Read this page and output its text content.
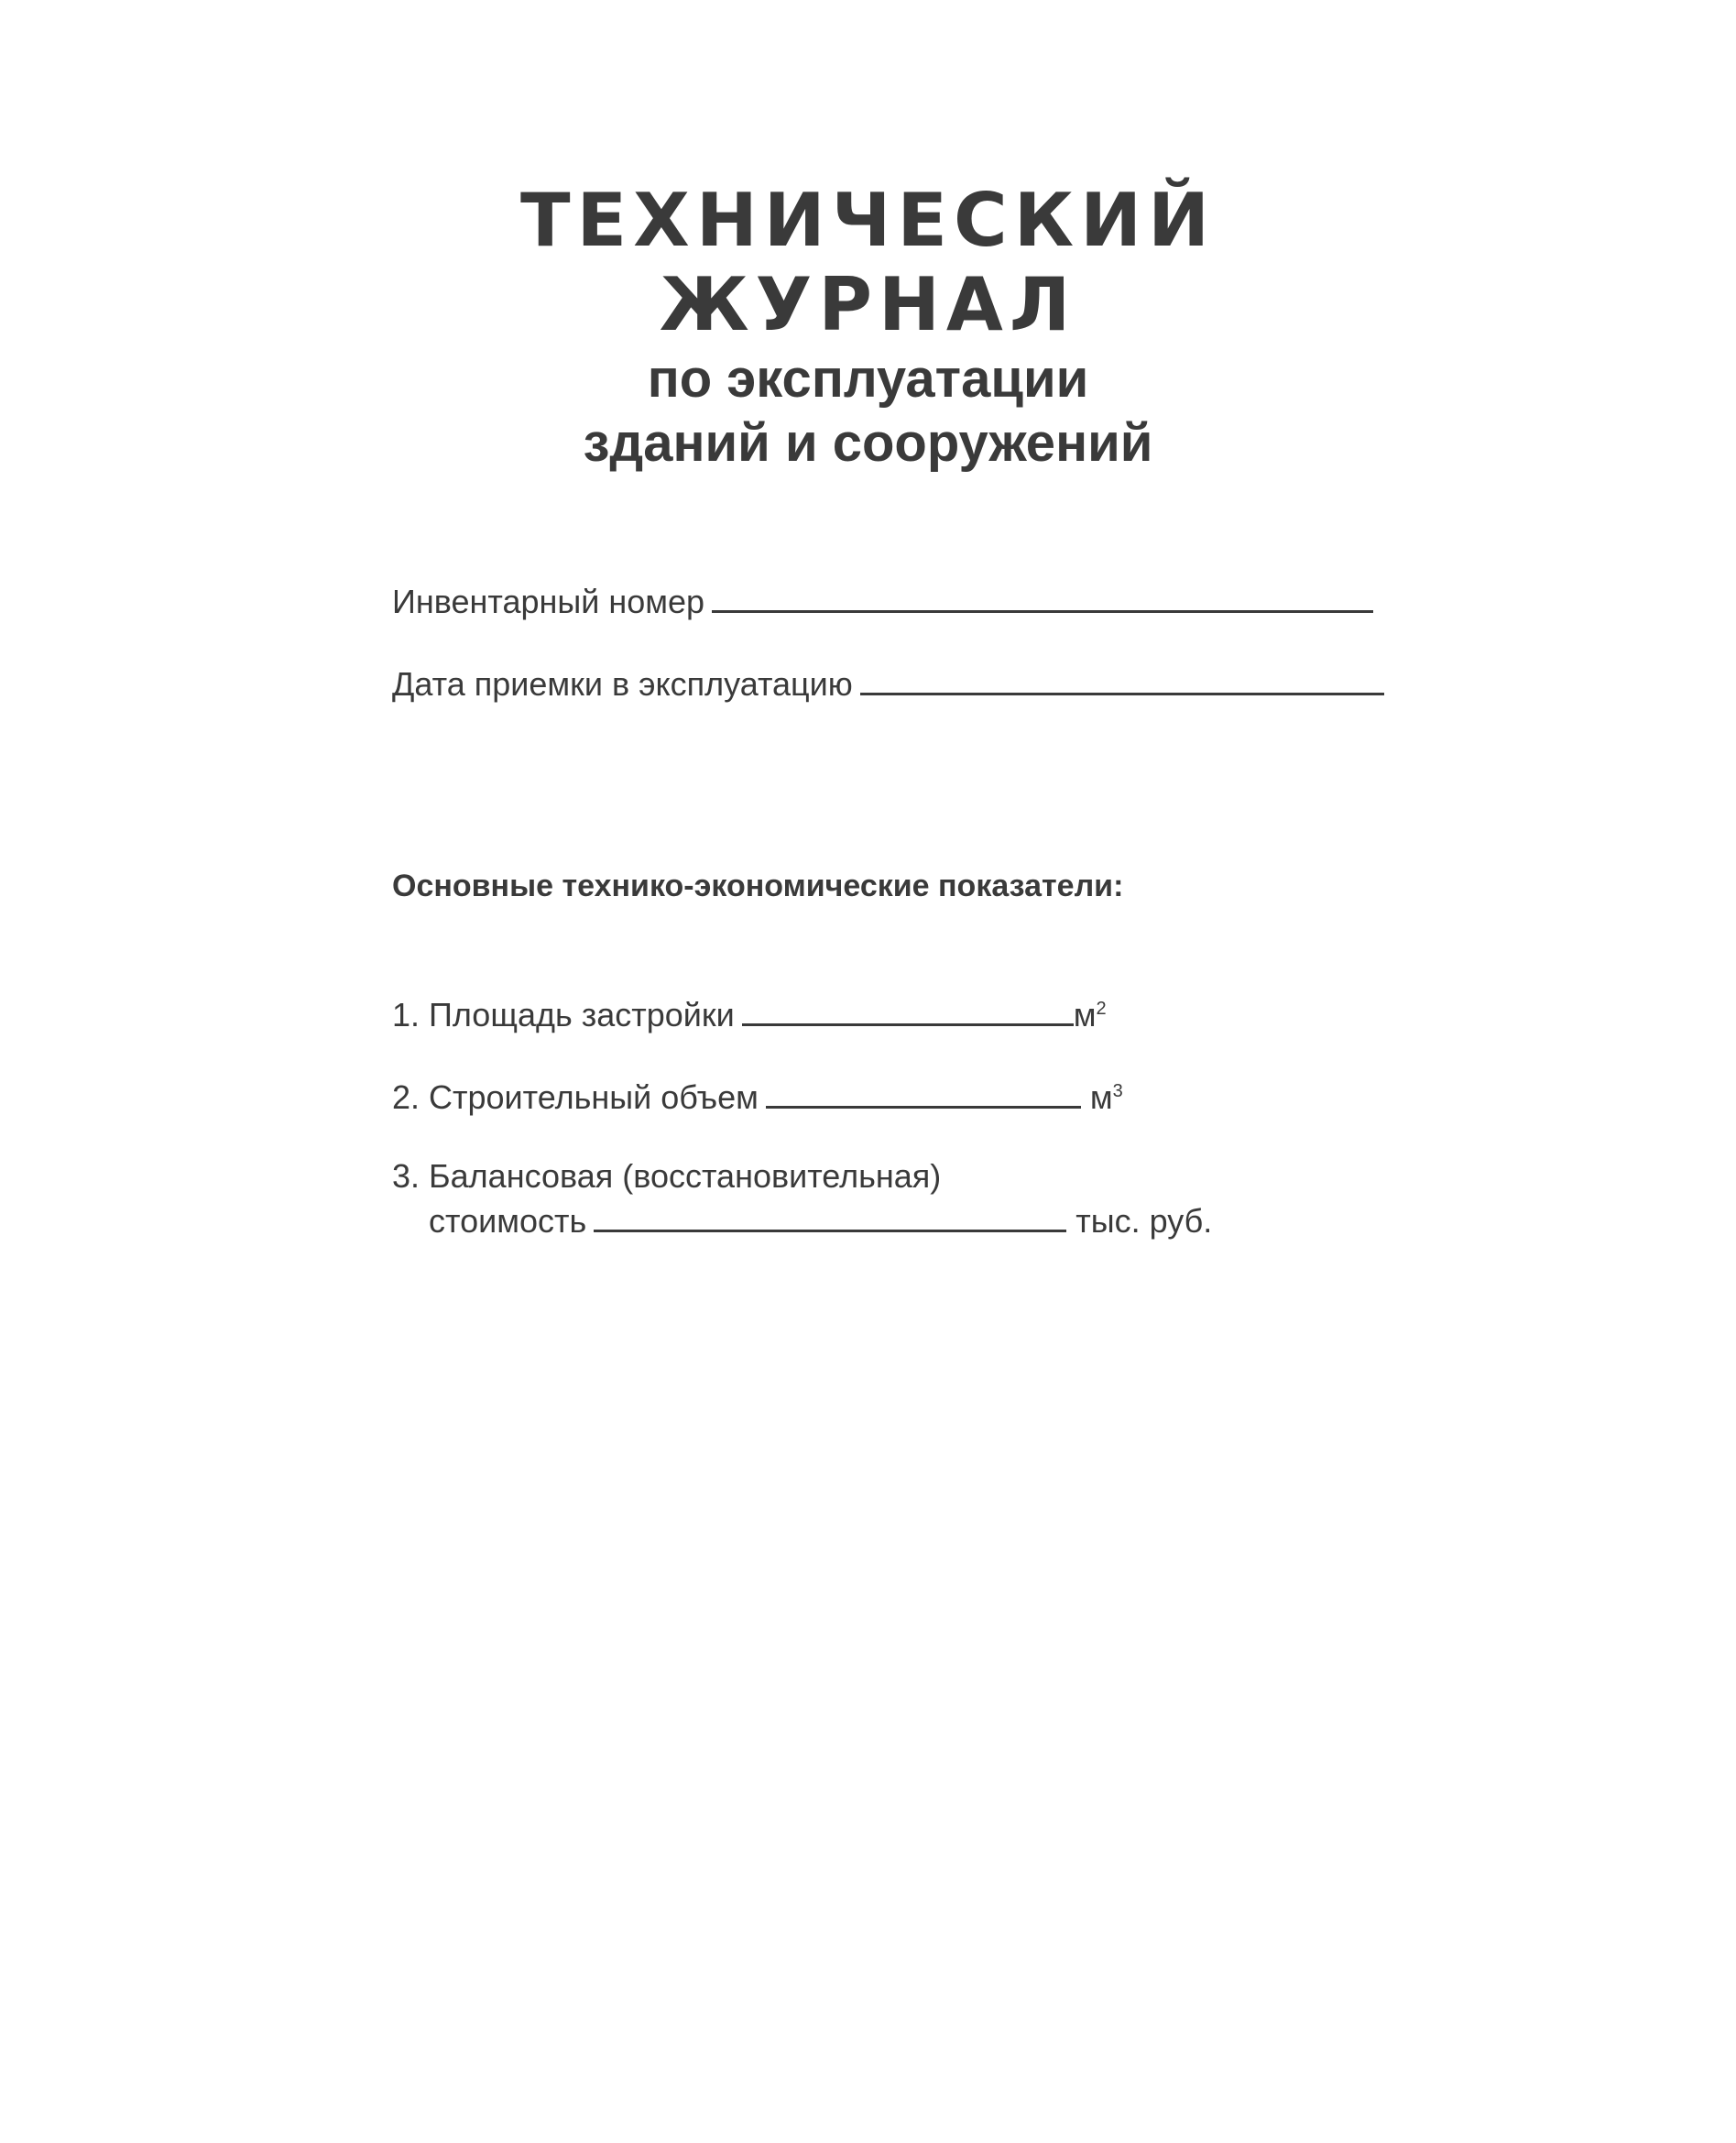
ТЕХНИЧЕСКИЙ
ЖУРНАЛ
по эксплуатации
зданий и сооружений
Инвентарный номер
Дата приемки в эксплуатацию
Основные технико-экономические показатели:
1. Площадь застройки	$м^2$
2. Строительный объем	$м^3$
3. Балансовая (восстановительная)
стоимость	тыс. руб.
